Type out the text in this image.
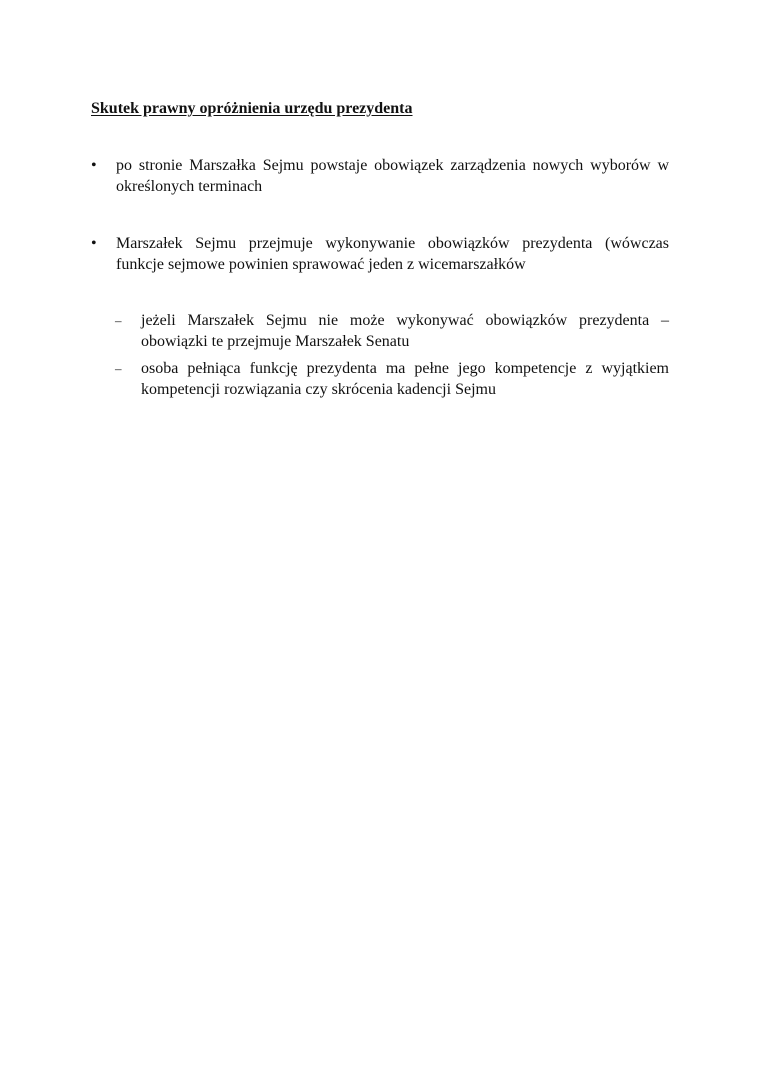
Skutek prawny opróżnienia urzędu prezydenta
•	po stronie Marszałka Sejmu powstaje obowiązek zarządzenia nowych wyborów w określonych terminach
•	Marszałek Sejmu przejmuje wykonywanie obowiązków prezydenta (wówczas funkcje sejmowe powinien sprawować jeden z wicemarszałków
–	jeżeli Marszałek Sejmu nie może wykonywać obowiązków prezydenta – obowiązki te przejmuje Marszałek Senatu
–	osoba pełniąca funkcję prezydenta ma pełne jego kompetencje z wyjątkiem kompetencji rozwiązania czy skrócenia kadencji Sejmu
